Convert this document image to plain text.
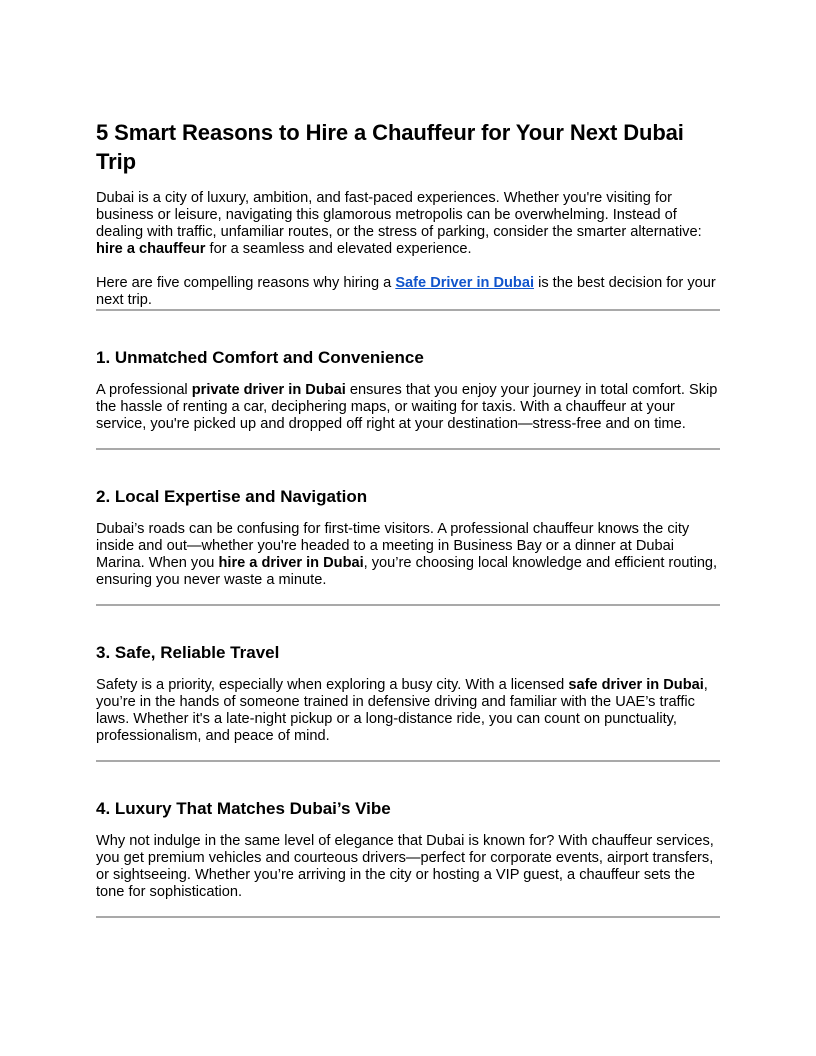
5 Smart Reasons to Hire a Chauffeur for Your Next Dubai Trip

Dubai is a city of luxury, ambition, and fast-paced experiences. Whether you're visiting for business or leisure, navigating this glamorous metropolis can be overwhelming. Instead of dealing with traffic, unfamiliar routes, or the stress of parking, consider the smarter alternative: hire a chauffeur for a seamless and elevated experience.

Here are five compelling reasons why hiring a Safe Driver in Dubai is the best decision for your next trip.

1. Unmatched Comfort and Convenience

A professional private driver in Dubai ensures that you enjoy your journey in total comfort. Skip the hassle of renting a car, deciphering maps, or waiting for taxis. With a chauffeur at your service, you're picked up and dropped off right at your destination—stress-free and on time.

2. Local Expertise and Navigation

Dubai’s roads can be confusing for first-time visitors. A professional chauffeur knows the city inside and out—whether you're headed to a meeting in Business Bay or a dinner at Dubai Marina. When you hire a driver in Dubai, you’re choosing local knowledge and efficient routing, ensuring you never waste a minute.

3. Safe, Reliable Travel

Safety is a priority, especially when exploring a busy city. With a licensed safe driver in Dubai, you’re in the hands of someone trained in defensive driving and familiar with the UAE’s traffic laws. Whether it's a late-night pickup or a long-distance ride, you can count on punctuality, professionalism, and peace of mind.

4. Luxury That Matches Dubai’s Vibe

Why not indulge in the same level of elegance that Dubai is known for? With chauffeur services, you get premium vehicles and courteous drivers—perfect for corporate events, airport transfers, or sightseeing. Whether you’re arriving in the city or hosting a VIP guest, a chauffeur sets the tone for sophistication.
